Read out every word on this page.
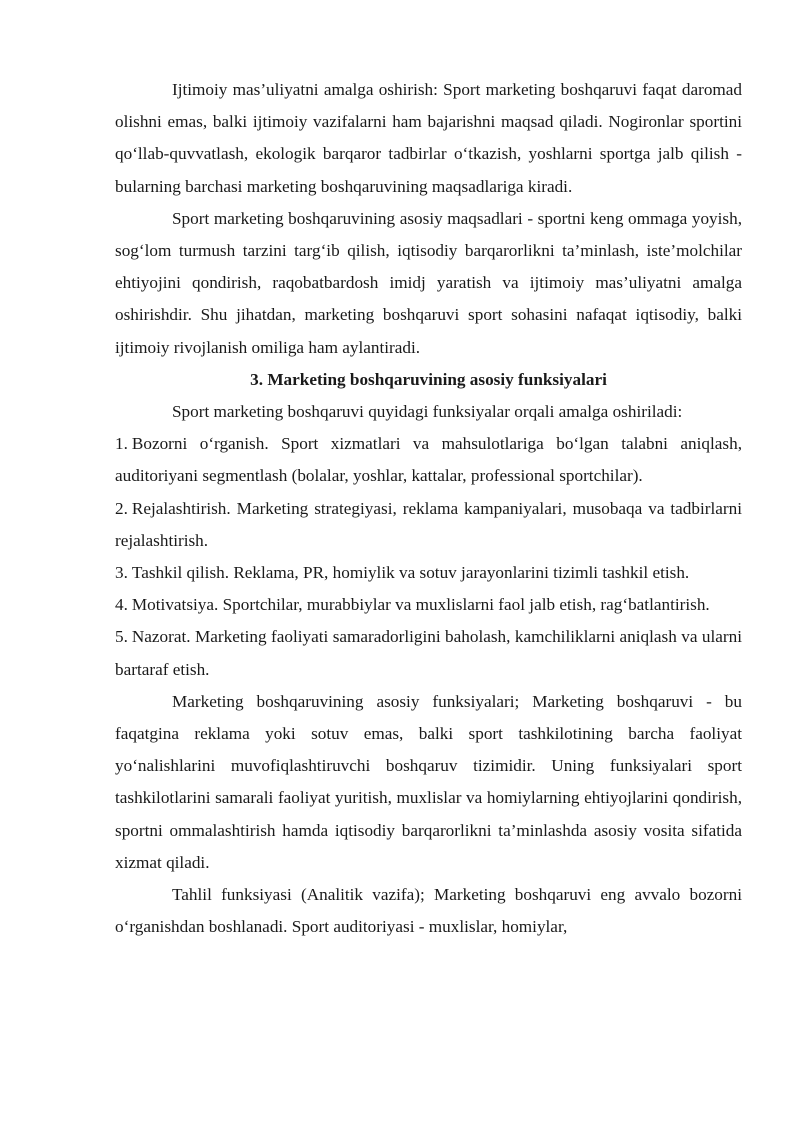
Ijtimoiy mas’uliyatni amalga oshirish: Sport marketing boshqaruvi faqat daromad olishni emas, balki ijtimoiy vazifalarni ham bajarishni maqsad qiladi. Nogironlar sportini qo‘llab-quvvatlash, ekologik barqaror tadbirlar o‘tkazish, yoshlarni sportga jalb qilish - bularning barchasi marketing boshqaruvining maqsadlariga kiradi.

Sport marketing boshqaruvining asosiy maqsadlari - sportni keng ommaga yoyish, sog‘lom turmush tarzini targ‘ib qilish, iqtisodiy barqarorlikni ta’minlash, iste’molchilar ehtiyojini qondirish, raqobatbardosh imidj yaratish va ijtimoiy mas’uliyatni amalga oshirishdir. Shu jihatdan, marketing boshqaruvi sport sohasini nafaqat iqtisodiy, balki ijtimoiy rivojlanish omiliga ham aylantiradi.

3. Marketing boshqaruvining asosiy funksiyalari

Sport marketing boshqaruvi quyidagi funksiyalar orqali amalga oshiriladi:

1. Bozorni o‘rganish. Sport xizmatlari va mahsulotlariga bo‘lgan talabni aniqlash, auditoriyani segmentlash (bolalar, yoshlar, kattalar, professional sportchilar).

2. Rejalashtirish. Marketing strategiyasi, reklama kampaniyalari, musobaqa va tadbirlarni rejalashtirish.

3. Tashkil qilish. Reklama, PR, homiylik va sotuv jarayonlarini tizimli tashkil etish.

4. Motivatsiya. Sportchilar, murabbiylar va muxlislarni faol jalb etish, rag‘batlantirish.

5. Nazorat. Marketing faoliyati samaradorligini baholash, kamchiliklarni aniqlash va ularni bartaraf etish.

Marketing boshqaruvining asosiy funksiyalari; Marketing boshqaruvi - bu faqatgina reklama yoki sotuv emas, balki sport tashkilotining barcha faoliyat yo‘nalishlarini muvofiqlashtiruvchi boshqaruv tizimidir. Uning funksiyalari sport tashkilotlarini samarali faoliyat yuritish, muxlislar va homiylarning ehtiyojlarini qondirish, sportni ommalashtirish hamda iqtisodiy barqarorlikni ta’minlashda asosiy vosita sifatida xizmat qiladi.

Tahlil funksiyasi (Analitik vazifa); Marketing boshqaruvi eng avvalo bozorni o‘rganishdan boshlanadi. Sport auditoriyasi - muxlislar, homiylar,
